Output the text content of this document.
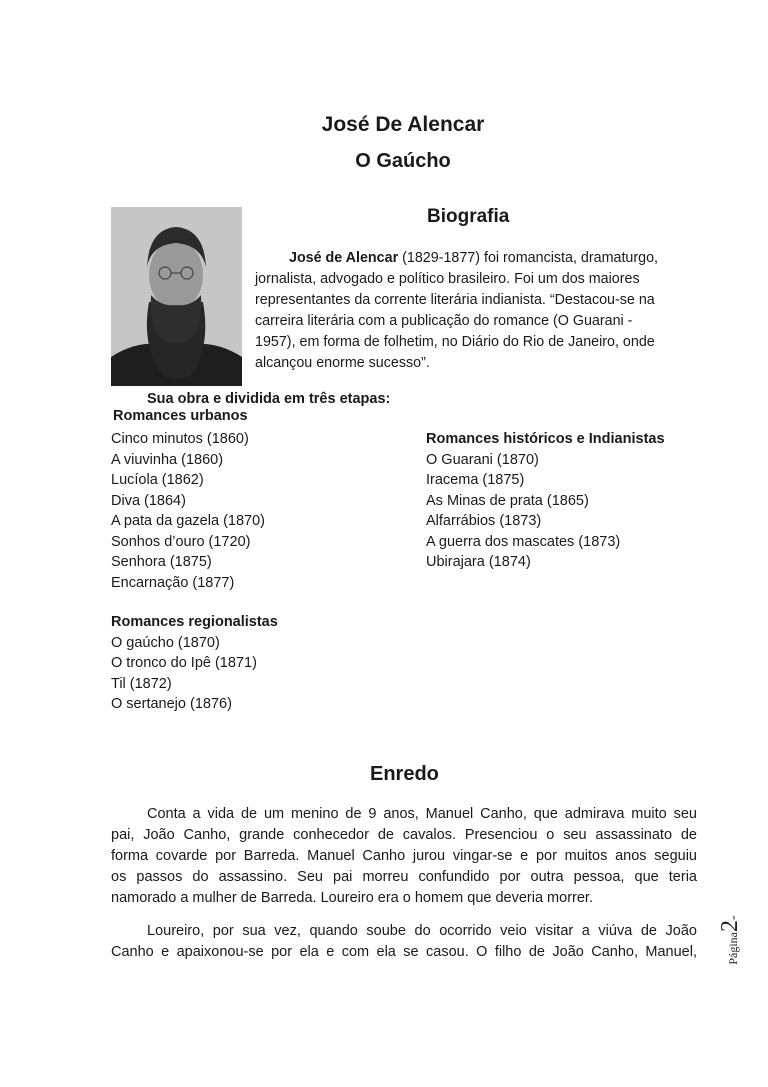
José De Alencar
O Gaúcho
Biografia
José de Alencar (1829-1877) foi romancista, dramaturgo,
jornalista, advogado e político brasileiro. Foi um dos maiores
representantes da corrente literária indianista. “Destacou-se na
carreira literária com a publicação do romance (O Guarani -
1957), em forma de folhetim, no Diário do Rio de Janeiro, onde
alcançou enorme sucesso”.
Sua obra e dividida em três etapas:
Romances urbanos
Cinco minutos (1860)
A viuvinha (1860)
Lucíola (1862)
Diva (1864)
A pata da gazela (1870)
Sonhos d’ouro (1720)
Senhora (1875)
Encarnação (1877)
Romances históricos e Indianistas
O Guarani (1870)
Iracema (1875)
As Minas de prata (1865)
Alfarrábios (1873)
A guerra dos mascates (1873)
Ubirajara (1874)
Romances regionalistas
O gaúcho (1870)
O tronco do Ipê (1871)
Til (1872)
O sertanejo (1876)
Enredo
Conta a vida de um menino de 9 anos, Manuel Canho, que admirava muito seu
pai, João Canho, grande conhecedor de cavalos. Presenciou o seu assassinato de
forma covarde por Barreda. Manuel Canho jurou vingar-se e por muitos anos seguiu
os passos do assassino. Seu pai morreu confundido por outra pessoa, que teria
namorado a mulher de Barreda. Loureiro era o homem que deveria morrer.
Loureiro, por sua vez, quando soube do ocorrido veio visitar a viúva de João
Canho e apaixonou-se por ela e com ela se casou. O filho de João Canho, Manuel,	Página2-
